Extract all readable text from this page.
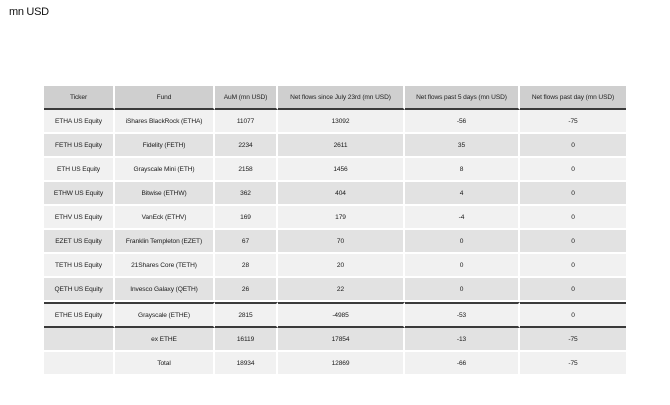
mn USD
Ticker	Fund	AuM (mn USD)	Net flows since July 23rd (mn USD)	Net flows past 5 days (mn USD)	Net flows past day (mn USD)
ETHA US Equity	iShares BlackRock (ETHA)	11077	13092	-56	-75
FETH US Equity	Fidelity (FETH)	2234	2611	35	0
ETH US Equity	Grayscale Mini (ETH)	2158	1456	8	0
ETHW US Equity	Bitwise (ETHW)	362	404	4	0
ETHV US Equity	VanEck (ETHV)	169	179	-4	0
EZET US Equity	Franklin Templeton (EZET)	67	70	0	0
TETH US Equity	21Shares Core (TETH)	28	20	0	0
QETH US Equity	Invesco Galaxy (QETH)	26	22	0	0
ETHE US Equity	Grayscale (ETHE)	2815	-4985	-53	0
	ex ETHE	16119	17854	-13	-75
	Total	18934	12869	-66	-75
